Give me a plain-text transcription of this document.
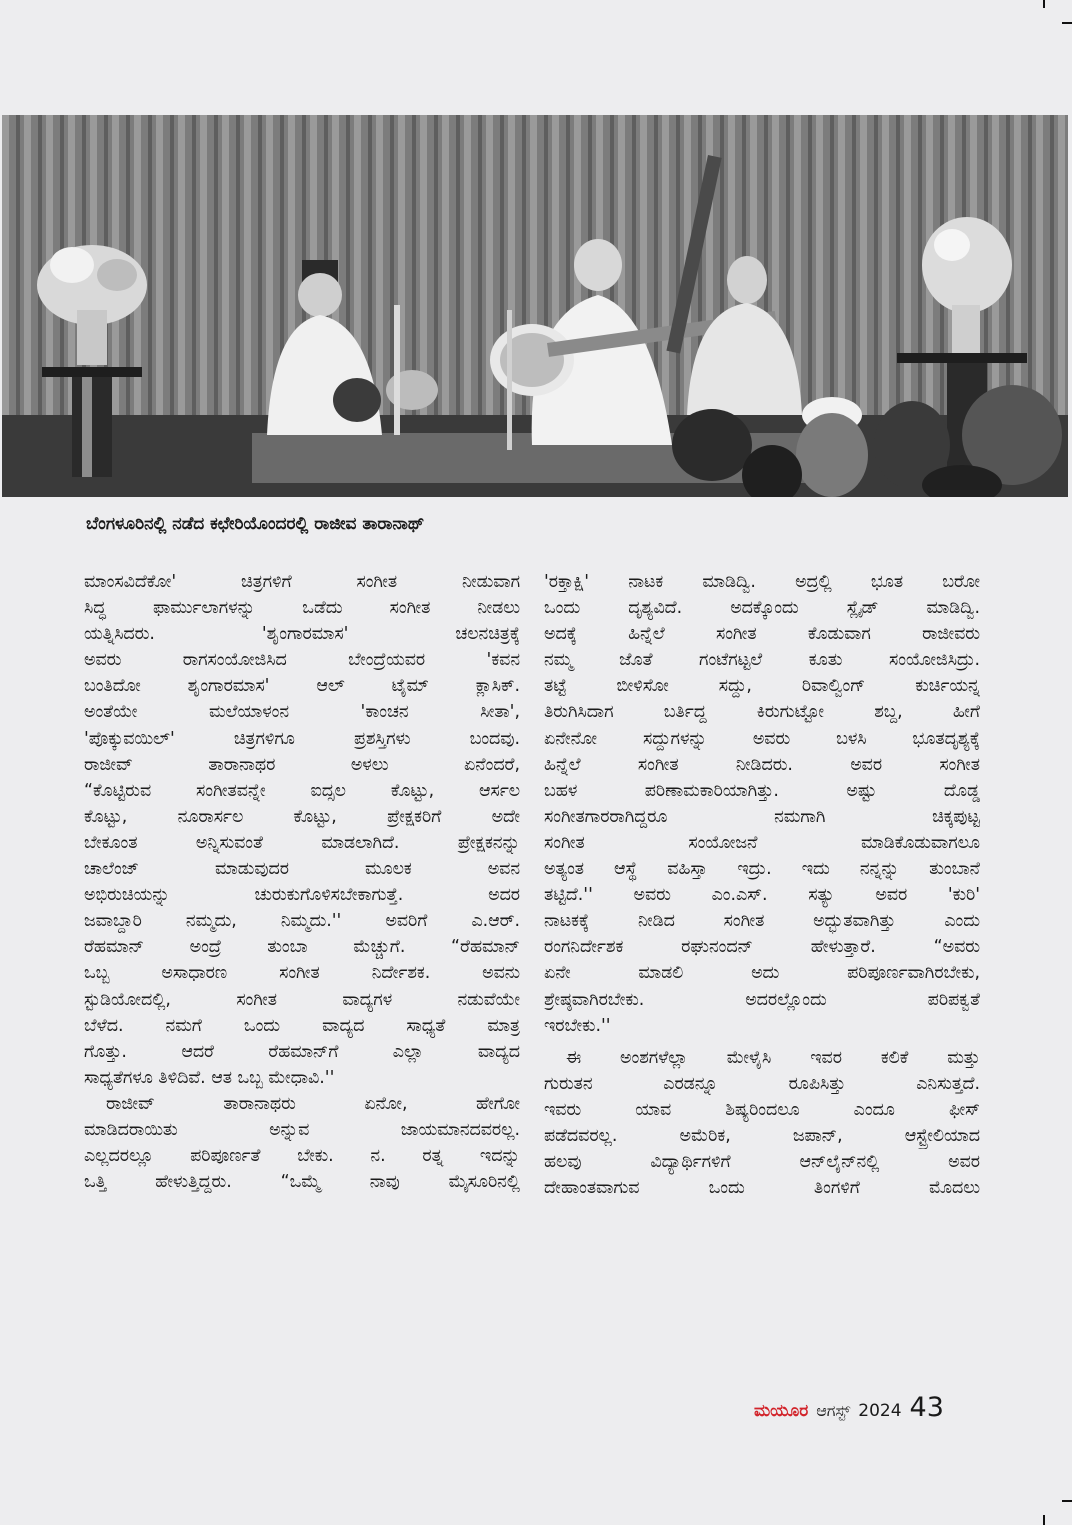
ಬೆಂಗಳೂರಿನಲ್ಲಿ ನಡೆದ ಕಛೇರಿಯೊಂದರಲ್ಲಿ ರಾಜೀವ ತಾರಾನಾಥ್
ಮಾಂಸವಿದೆಕೋ' ಚಿತ್ರಗಳಿಗೆ ಸಂಗೀತ ನೀಡುವಾಗ
ಸಿದ್ಧ ಫಾರ್ಮುಲಾಗಳನ್ನು ಒಡೆದು ಸಂಗೀತ ನೀಡಲು
ಯತ್ನಿಸಿದರು. 'ಶೃಂಗಾರಮಾಸ' ಚಲನಚಿತ್ರಕ್ಕೆ
ಅವರು ರಾಗಸಂಯೋಜಿಸಿದ ಬೇಂದ್ರೆಯವರ 'ಕವನ
ಬಂತಿದೋ ಶೃಂಗಾರಮಾಸ' ಆಲ್ ಟೈಮ್ ಕ್ಲಾಸಿಕ್.
ಅಂತೆಯೇ ಮಲೆಯಾಳಂನ 'ಕಾಂಚನ ಸೀತಾ',
'ಪೊಕ್ಕುವಯಿಲ್' ಚಿತ್ರಗಳಿಗೂ ಪ್ರಶಸ್ತಿಗಳು ಬಂದವು.
ರಾಜೀವ್ ತಾರಾನಾಥರ ಅಳಲು ಏನೆಂದರೆ,
“ಕೊಟ್ಟಿರುವ ಸಂಗೀತವನ್ನೇ ಐದ್ಸಲ ಕೊಟ್ಟು, ಆರ್ಸಲ
ಕೊಟ್ಟು, ನೂರಾರ್ಸಲ ಕೊಟ್ಟು, ಪ್ರೇಕ್ಷಕರಿಗೆ ಅದೇ
ಬೇಕೂಂತ ಅನ್ನಿಸುವಂತೆ ಮಾಡಲಾಗಿದೆ. ಪ್ರೇಕ್ಷಕನನ್ನು
ಚಾಲೆಂಜ್ ಮಾಡುವುದರ ಮೂಲಕ ಅವನ
ಅಭಿರುಚಿಯನ್ನು ಚುರುಕುಗೊಳಿಸಬೇಕಾಗುತ್ತೆ. ಅದರ
ಜವಾಬ್ದಾರಿ ನಮ್ಮದು, ನಿಮ್ಮದು.'' ಅವರಿಗೆ ಎ.ಆರ್.
ರೆಹಮಾನ್ ಅಂದ್ರೆ ತುಂಬಾ ಮೆಚ್ಚುಗೆ. “ರೆಹಮಾನ್
ಒಬ್ಬ ಅಸಾಧಾರಣ ಸಂಗೀತ ನಿರ್ದೇಶಕ. ಅವನು
ಸ್ಟುಡಿಯೋದಲ್ಲಿ, ಸಂಗೀತ ವಾದ್ಯಗಳ ನಡುವೆಯೇ
ಬೆಳೆದ. ನಮಗೆ ಒಂದು ವಾದ್ಯದ ಸಾಧ್ಯತೆ ಮಾತ್ರ
ಗೊತ್ತು. ಆದರೆ ರೆಹಮಾನ್‌ಗೆ ಎಲ್ಲಾ ವಾದ್ಯದ
ಸಾಧ್ಯತೆಗಳೂ ತಿಳಿದಿವೆ. ಆತ ಒಬ್ಬ ಮೇಧಾವಿ.''
ರಾಜೀವ್ ತಾರಾನಾಥರು ಏನೋ, ಹೇಗೋ
ಮಾಡಿದರಾಯಿತು ಅನ್ನುವ ಜಾಯಮಾನದವರಲ್ಲ.
ಎಲ್ಲದರಲ್ಲೂ ಪರಿಪೂರ್ಣತೆ ಬೇಕು. ನ. ರತ್ನ ಇದನ್ನು
ಒತ್ತಿ ಹೇಳುತ್ತಿದ್ದರು. “ಒಮ್ಮೆ ನಾವು ಮೈಸೂರಿನಲ್ಲಿ
'ರಕ್ತಾಕ್ಷಿ' ನಾಟಕ ಮಾಡಿದ್ವಿ. ಅದ್ರಲ್ಲಿ ಭೂತ ಬರೋ
ಒಂದು ದೃಶ್ಯವಿದೆ. ಅದಕ್ಕೊಂದು ಸ್ಲೈಡ್ ಮಾಡಿದ್ವಿ.
ಅದಕ್ಕೆ ಹಿನ್ನೆಲೆ ಸಂಗೀತ ಕೊಡುವಾಗ ರಾಜೀವರು
ನಮ್ಮ ಜೊತೆ ಗಂಟೆಗಟ್ಟಲೆ ಕೂತು ಸಂಯೋಜಿಸಿದ್ರು.
ತಟ್ಟೆ ಬೀಳಿಸೋ ಸದ್ದು, ರಿವಾಲ್ವಿಂಗ್ ಕುರ್ಚಿಯನ್ನ
ತಿರುಗಿಸಿದಾಗ ಬರ್ತಿದ್ದ ಕಿರುಗುಟ್ಟೋ ಶಬ್ದ, ಹೀಗೆ
ಏನೇನೋ ಸದ್ದುಗಳನ್ನು ಅವರು ಬಳಸಿ ಭೂತದೃಶ್ಯಕ್ಕೆ
ಹಿನ್ನೆಲೆ ಸಂಗೀತ ನೀಡಿದರು. ಅವರ ಸಂಗೀತ
ಬಹಳ ಪರಿಣಾಮಕಾರಿಯಾಗಿತ್ತು. ಅಷ್ಟು ದೊಡ್ಡ
ಸಂಗೀತಗಾರರಾಗಿದ್ದರೂ ನಮಗಾಗಿ ಚಿಕ್ಕಪುಟ್ಟ
ಸಂಗೀತ ಸಂಯೋಜನೆ ಮಾಡಿಕೊಡುವಾಗಲೂ
ಅತ್ಯಂತ ಆಸ್ಥೆ ವಹಿಸ್ತಾ ಇದ್ರು. ಇದು ನನ್ನನ್ನು ತುಂಬಾನೆ
ತಟ್ಟಿದೆ.'' ಅವರು ಎಂ.ಎಸ್. ಸತ್ಯು ಅವರ 'ಕುರಿ'
ನಾಟಕಕ್ಕೆ ನೀಡಿದ ಸಂಗೀತ ಅದ್ಭುತವಾಗಿತ್ತು ಎಂದು
ರಂಗನಿರ್ದೇಶಕ ರಘುನಂದನ್ ಹೇಳುತ್ತಾರೆ. “ಅವರು
ಏನೇ ಮಾಡಲಿ ಅದು ಪರಿಪೂರ್ಣವಾಗಿರಬೇಕು,
ಶ್ರೇಷ್ಠವಾಗಿರಬೇಕು. ಅದರಲ್ಲೊಂದು ಪರಿಪಕ್ವತೆ
ಇರಬೇಕು.''
ಈ ಅಂಶಗಳೆಲ್ಲಾ ಮೇಳೈಸಿ ಇವರ ಕಲಿಕೆ ಮತ್ತು
ಗುರುತನ ಎರಡನ್ನೂ ರೂಪಿಸಿತ್ತು ಎನಿಸುತ್ತದೆ.
ಇವರು ಯಾವ ಶಿಷ್ಯರಿಂದಲೂ ಎಂದೂ ಫೀಸ್
ಪಡೆದವರಲ್ಲ. ಅಮೆರಿಕ, ಜಪಾನ್, ಆಸ್ಟ್ರೇಲಿಯಾದ
ಹಲವು ವಿದ್ಯಾರ್ಥಿಗಳಿಗೆ ಆನ್‌ಲೈನ್‌ನಲ್ಲಿ ಅವರ
ದೇಹಾಂತವಾಗುವ ಒಂದು ತಿಂಗಳಿಗೆ ಮೊದಲು
ಮಯೂರ ಆಗಸ್ಟ್ 2024 43
